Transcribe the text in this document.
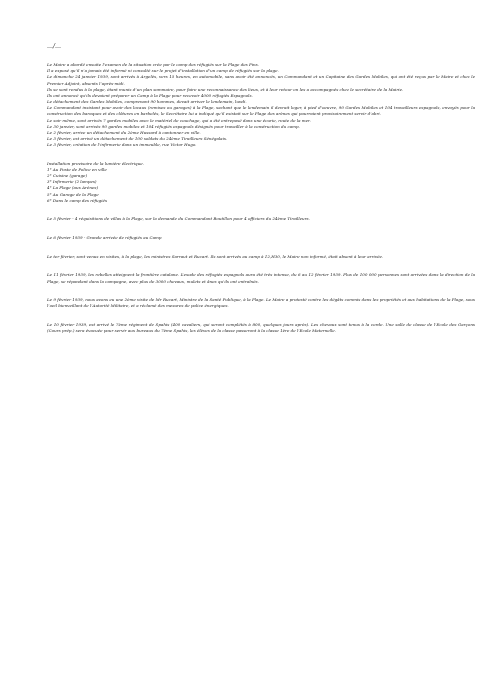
…/…

Le Maire a abordé ensuite l’examen de la situation crée par le camp des réfugiés sur la Plage des Pins.

Il a exposé qu’il n’a jamais été informé ni consulté sur le projet d’installation d’un camp de réfugiés sur la plage.

Le dimanche 24 janvier 1939, sont arrivés à Argelès, vers 15 heures, en automobile, sans avoir été annoncés, un Commandant et un Capitaine des Gardes Mobiles, qui ont été reçus par le Maire et chez le Premier Adjoint, absents l’après-midi.

Ils se sont rendus à la plage, étant munis d’un plan sommaire, pour faire une reconnaissance des lieux, et à leur retour on les a accompagnés chez le secrétaire de la Mairie.

Ils ont annoncé qu’ils devaient préparer un Camp à la Plage pour recevoir 4000 réfugiés Espagnols.

Le détachement des Gardes Mobiles, comprenant 90 hommes, devait arriver le lendemain, lundi.

Le Commandant insistant pour avoir des locaux (remises ou garages) à la Plage, sachant que le lendemain il devrait loger, à pied d’oeuvre, 90 Gardes Mobiles et 104 travailleurs espagnols, envoyés pour la construction des baraques et des clôtures en barbelés, le Secrétaire lui a indiqué qu’il existait sur le Plage des arènes qui pourraient provisoirement servir d’abri.

Le soir même, sont arrivés 7 gardes mobiles avec le matériel de couchage, qui a été entreposé dans une écurie, route de la mer.

Le 30 janvier, sont arrivés 90 gardes mobiles et 104 réfugiés espagnols désignés pour travailler à la construction du camp.

Le 2 février, arrive un détachement du 2ème Hussard à cantonner en ville.

Le 3 février, est arrivé un détachement de 100 soldats du 24ème Tirailleurs Sénégalais.

Le 3 février, création de l’infirmerie dans un immeuble, rue Victor Hugo.

Installation provisoire de la lumière électrique.

1° Au Poste de Police en ville
2° Cuisine (garage)
3° Infirmerie (2 lampes)
4° La Plage (aux Arènes)
5° Au Garage de la Plage
6° Dans le camp des réfugiés

Le 5 février - 4 réquisitions de villas à la Plage, sur la demande du Commandant Boutillon pour 4 officiers du 24ème Tirailleurs.

Le 6 février 1939 - Grande arrivée de réfugiés au Camp

Le ter février, sont venus en visites, à la plage, les ministres Sarraut et Rucart. Ils sont arrivés au camp à 12,H30, le Maire non informé, était absent à leur arrivée.

Le 11 février 1939, les rebelles atteignent la frontière catalane. L’exode des réfugiés espagnols aura été très intense, du 6 au 12 février 1939. Plus de 100 000 personnes sont arrivées dans la direction de la Plage, se répandant dans la campagne, avec plus de 3000 chevaux, mulets et ânes qu’ils ont entraînés.

Le 9 février 1939, nous avons eu une 2ème visite de Mr Rucart, Ministre de la Santé Publique, à la Plage. Le Maire a protesté contre les dégâts commis dans les propriétés et aux habitations de la Plage, sous l’oeil bienveillant de l’Autorité Militaire, et a réclamé des mesures de police énergiques.

Le 10 février 1939, est arrivé le 7ème régiment de Spahis (400 cavaliers, qui seront complétés à 800, quelques jours après). Les chevaux sont tenus à la corde. Une salle de classe de l’Ecole des Garçons (Cours prép.) sera évacuée pour servir aux bureaux du 7ème Spahis, les élèves de la classe passeront à la classe 1ère de l’Ecole Maternelle.
